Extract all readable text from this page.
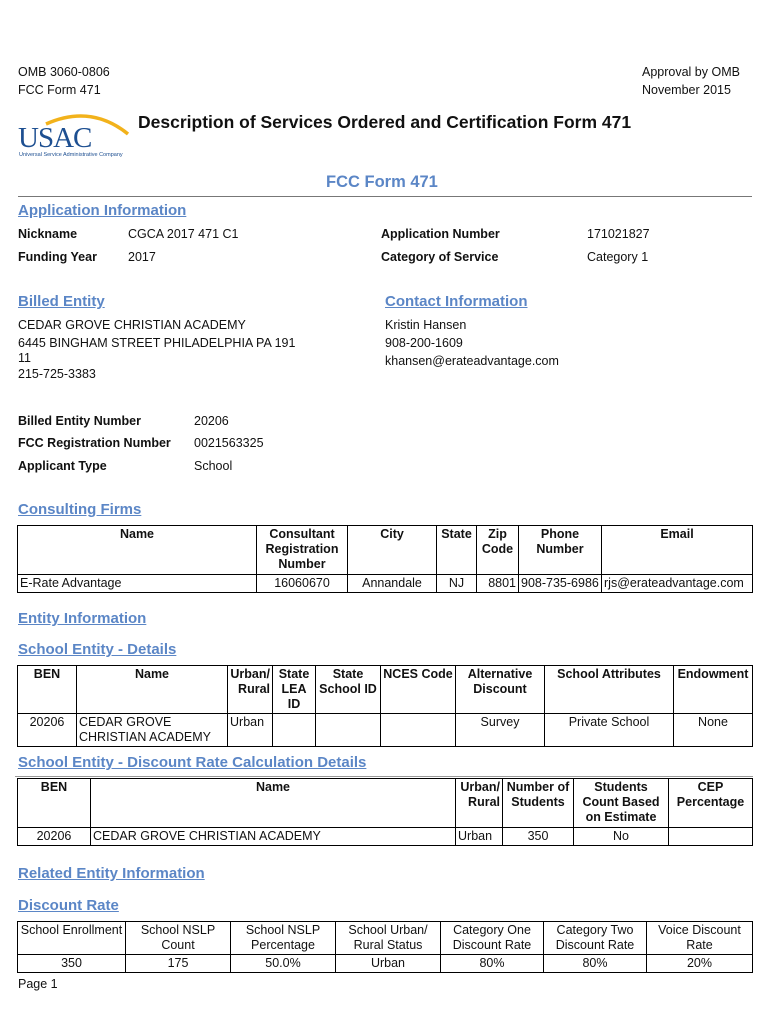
OMB 3060-0806
FCC Form 471
Approval by OMB
November 2015
USAC
Universal Service Administrative Company
Description of Services Ordered and Certification Form 471
FCC Form 471
Application Information
Nickname	CGCA 2017 471 C1
Funding Year 2017
Application Number	171021827
Category of Service	Category 1
Billed Entity
CEDAR GROVE CHRISTIAN ACADEMY
6445 BINGHAM STREET PHILADELPHIA PA 191
11
215-725-3383
Contact Information
Kristin Hansen
908-200-1609
khansen@erateadvantage.com
Billed Entity Number	20206
FCC Registration Number 0021563325
Applicant Type	School
Consulting Firms
Name	Consultant Registration Number	City	State	Zip Code	Phone Number	Email
E-Rate Advantage	16060670	Annandale	NJ	8801	908-735-6986	rjs@erateadvantage.com
Entity Information
School Entity - Details
BEN	Name	Urban/ Rural	State LEA ID	State School ID	NCES Code	Alternative Discount	School Attributes	Endowment
20206	CEDAR GROVE CHRISTIAN ACADEMY	Urban				Survey	Private School	None
School Entity - Discount Rate Calculation Details
BEN	Name	Urban/ Rural	Number of Students	Students Count Based on Estimate	CEP Percentage
20206	CEDAR GROVE CHRISTIAN ACADEMY	Urban	350	No	
Related Entity Information
Discount Rate
School Enrollment	School NSLP Count	School NSLP Percentage	School Urban/ Rural Status	Category One Discount Rate	Category Two Discount Rate	Voice Discount Rate
350	175	50.0%	Urban	80%	80%	20%
Page 1
